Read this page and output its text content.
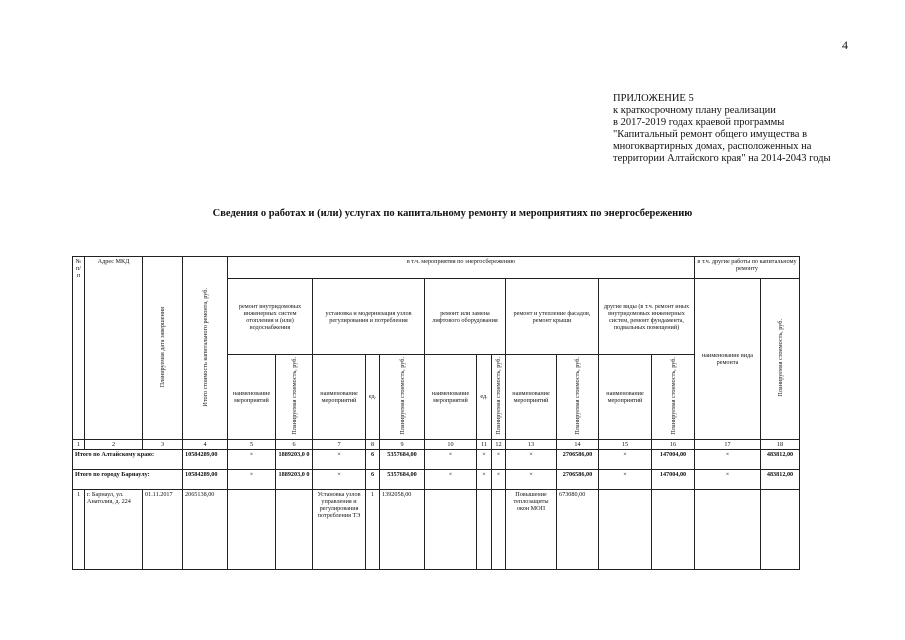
4
ПРИЛОЖЕНИЕ 5
к краткосрочному плану реализации
в 2017-2019 годах краевой программы
"Капитальный ремонт общего имущества в
многоквартирных домах, расположенных на
территории Алтайского края" на 2014-2043 годы
Сведения о работах и (или) услугах по капитальному ремонту и мероприятиях по энергосбережению
№ п/п	Адрес МКД	Планируемая дата завершения	Итого стоимость капитального ремонта, руб.	в т.ч. мероприятия по энергосбережению												в т.ч. другие работы по капитальному ремонту	
				ремонт внутридомовых инженерных систем отопления и (или) водоснабжения		установка и модернизация узлов регулирования и потребления			ремонт или замена лифтового оборудования			ремонт и утепление фасадов, ремонт крыши		другие виды (в т.ч. ремонт иных внутридомовых инженерных систем, ремонт фундамента, подвальных помещений)		наименование вида ремонта	Планируемая стоимость, руб.
				наименование мероприятий	Планируемая стоимость, руб.	наименование мероприятий	ед.	Планируемая стоимость, руб.	наименование мероприятий	ед.	Планируемая стоимость, руб.	наименование мероприятий	Планируемая стоимость, руб.	наименование мероприятий	Планируемая стоимость, руб.		
1	2	3	4	5	6	7	8	9	10	11	12	13	14	15	16	17	18
Итого по Алтайскому краю:			10584289,00	×	1889203,0 0	×	6	5357684,00	×	×	×	×	2706586,00	×	147004,00	×	483812,00
Итого по городу Барнаулу:			10584289,00	×	1889203,0 0	×	6	5357684,00	×	×	×	×	2706586,00	×	147004,00	×	483812,00
1	г. Барнаул, ул. Анатолия, д. 224	01.11.2017	2065138,00			Установка узлов управления и регулирования потребления ТЭ	1	1392058,00				Повышение теплозащиты окон МОП	673080,00				
